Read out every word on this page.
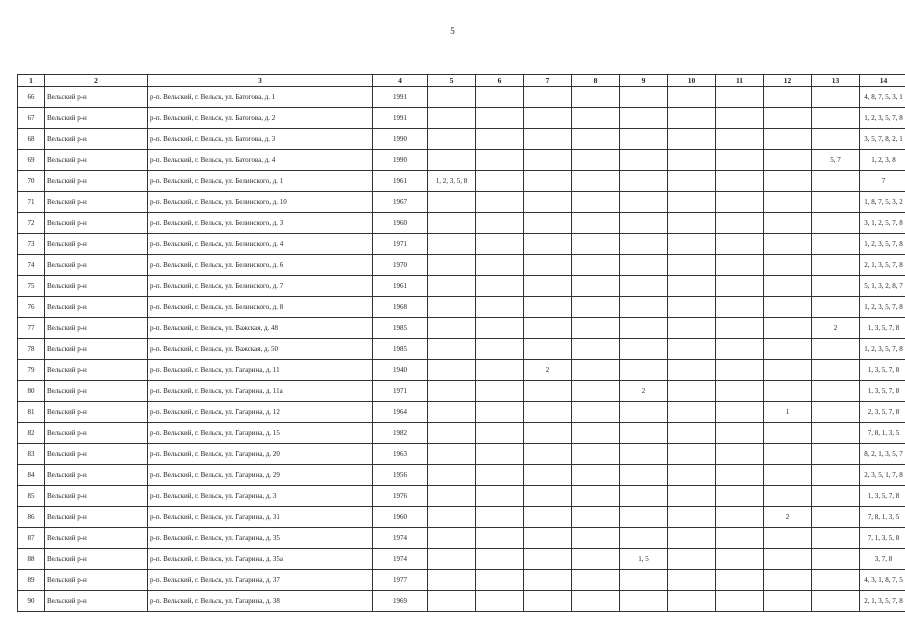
5
1	2	3	4	5	6	7	8	9	10	11	12	13	14
66	Вельский р-н	р-п. Вельский, г. Вельск, ул. Батогова, д. 1	1991										4, 8, 7, 5, 3, 1
67	Вельский р-н	р-п. Вельский, г. Вельск, ул. Батогова, д. 2	1991										1, 2, 3, 5, 7, 8
68	Вельский р-н	р-п. Вельский, г. Вельск, ул. Батогова, д. 3	1990										3, 5, 7, 8, 2, 1
69	Вельский р-н	р-п. Вельский, г. Вельск, ул. Батогова, д. 4	1990									5, 7	1, 2, 3, 8
70	Вельский р-н	р-п. Вельский, г. Вельск, ул. Белинского, д. 1	1961	1, 2, 3, 5, 8									7
71	Вельский р-н	р-п. Вельский, г. Вельск, ул. Белинского, д. 10	1967										1, 8, 7, 5, 3, 2
72	Вельский р-н	р-п. Вельский, г. Вельск, ул. Белинского, д. 3	1960										3, 1, 2, 5, 7, 8
73	Вельский р-н	р-п. Вельский, г. Вельск, ул. Белинского, д. 4	1971										1, 2, 3, 5, 7, 8
74	Вельский р-н	р-п. Вельский, г. Вельск, ул. Белинского, д. 6	1970										2, 1, 3, 5, 7, 8
75	Вельский р-н	р-п. Вельский, г. Вельск, ул. Белинского, д. 7	1961										5, 1, 3, 2, 8, 7
76	Вельский р-н	р-п. Вельский, г. Вельск, ул. Белинского, д. 8	1968										1, 2, 3, 5, 7, 8
77	Вельский р-н	р-п. Вельский, г. Вельск, ул. Важская, д. 48	1985									2	1, 3, 5, 7, 8
78	Вельский р-н	р-п. Вельский, г. Вельск, ул. Важская, д. 50	1985										1, 2, 3, 5, 7, 8
79	Вельский р-н	р-п. Вельский, г. Вельск, ул. Гагарина, д. 11	1940			2							1, 3, 5, 7, 8
80	Вельский р-н	р-п. Вельский, г. Вельск, ул. Гагарина, д. 11а	1971					2					1, 3, 5, 7, 8
81	Вельский р-н	р-п. Вельский, г. Вельск, ул. Гагарина, д. 12	1964								1		2, 3, 5, 7, 8
82	Вельский р-н	р-п. Вельский, г. Вельск, ул. Гагарина, д. 15	1982										7, 8, 1, 3, 5
83	Вельский р-н	р-п. Вельский, г. Вельск, ул. Гагарина, д. 20	1963										8, 2, 1, 3, 5, 7
84	Вельский р-н	р-п. Вельский, г. Вельск, ул. Гагарина, д. 29	1956										2, 3, 5, 1, 7, 8
85	Вельский р-н	р-п. Вельский, г. Вельск, ул. Гагарина, д. 3	1976										1, 3, 5, 7, 8
86	Вельский р-н	р-п. Вельский, г. Вельск, ул. Гагарина, д. 31	1960								2		7, 8, 1, 3, 5
87	Вельский р-н	р-п. Вельский, г. Вельск, ул. Гагарина, д. 35	1974										7, 1, 3, 5, 8
88	Вельский р-н	р-п. Вельский, г. Вельск, ул. Гагарина, д. 35а	1974					1, 5					3, 7, 8
89	Вельский р-н	р-п. Вельский, г. Вельск, ул. Гагарина, д. 37	1977										4, 3, 1, 8, 7, 5
90	Вельский р-н	р-п. Вельский, г. Вельск, ул. Гагарина, д. 38	1969										2, 1, 3, 5, 7, 8
